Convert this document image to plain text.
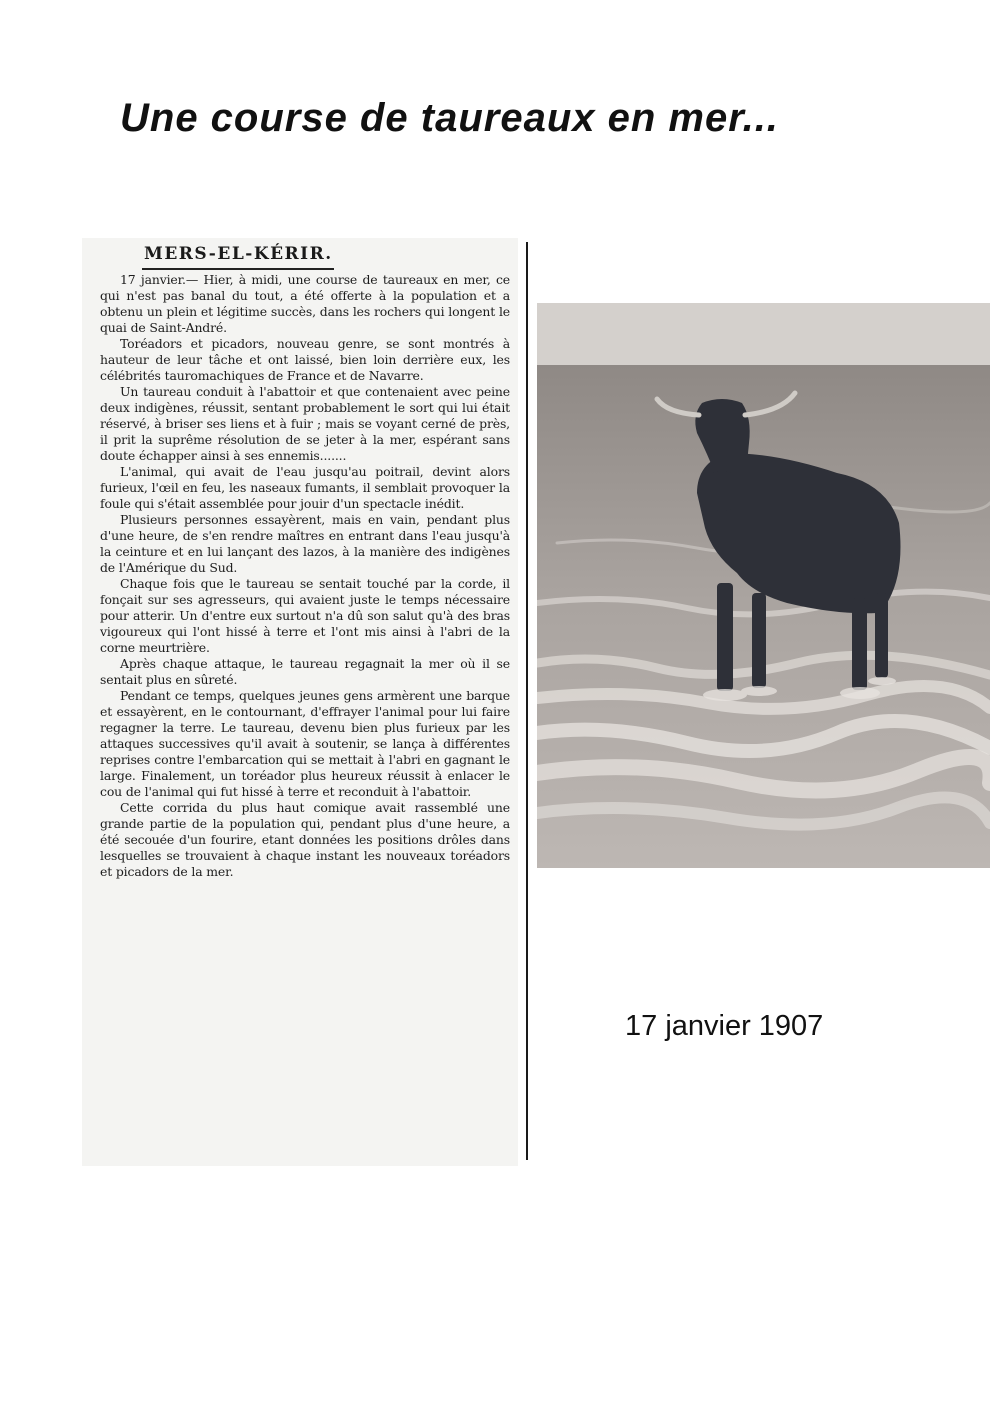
Une course de taureaux en mer...
MERS-EL-KÉRIR.

17 janvier.— Hier, à midi, une course de taureaux en mer, ce qui n'est pas banal du tout, a été offerte à la population et a obtenu un plein et légitime succès, dans les rochers qui longent le quai de Saint-André.

Toréadors et picadors, nouveau genre, se sont montrés à hauteur de leur tâche et ont laissé, bien loin derrière eux, les célébrités tauromachiques de France et de Navarre.

Un taureau conduit à l'abattoir et que contenaient avec peine deux indigènes, réussit, sentant probablement le sort qui lui était réservé, à briser ses liens et à fuir ; mais se voyant cerné de près, il prit la suprême résolution de se jeter à la mer, espérant sans doute échapper ainsi à ses ennemis.......

L'animal, qui avait de l'eau jusqu'au poitrail, devint alors furieux, l'œil en feu, les naseaux fumants, il semblait provoquer la foule qui s'était assemblée pour jouir d'un spectacle inédit.

Plusieurs personnes essayèrent, mais en vain, pendant plus d'une heure, de s'en rendre maîtres en entrant dans l'eau jusqu'à la ceinture et en lui lançant des lazos, à la manière des indigènes de l'Amérique du Sud.

Chaque fois que le taureau se sentait touché par la corde, il fonçait sur ses agresseurs, qui avaient juste le temps nécessaire pour atterir. Un d'entre eux surtout n'a dû son salut qu'à des bras vigoureux qui l'ont hissé à terre et l'ont mis ainsi à l'abri de la corne meurtrière.

Après chaque attaque, le taureau regagnait la mer où il se sentait plus en sûreté.

Pendant ce temps, quelques jeunes gens armèrent une barque et essayèrent, en le contournant, d'effrayer l'animal pour lui faire regagner la terre. Le taureau, devenu bien plus furieux par les attaques successives qu'il avait à soutenir, se lança à différentes reprises contre l'embarcation qui se mettait à l'abri en gagnant le large. Finalement, un toréador plus heureux réussit à enlacer le cou de l'animal qui fut hissé à terre et reconduit à l'abattoir.

Cette corrida du plus haut comique avait rassemblé une grande partie de la population qui, pendant plus d'une heure, a été secouée d'un fourire, etant données les positions drôles dans lesquelles se trouvaient à chaque instant les nouveaux toréadors et picadors de la mer.

17 janvier 1907
